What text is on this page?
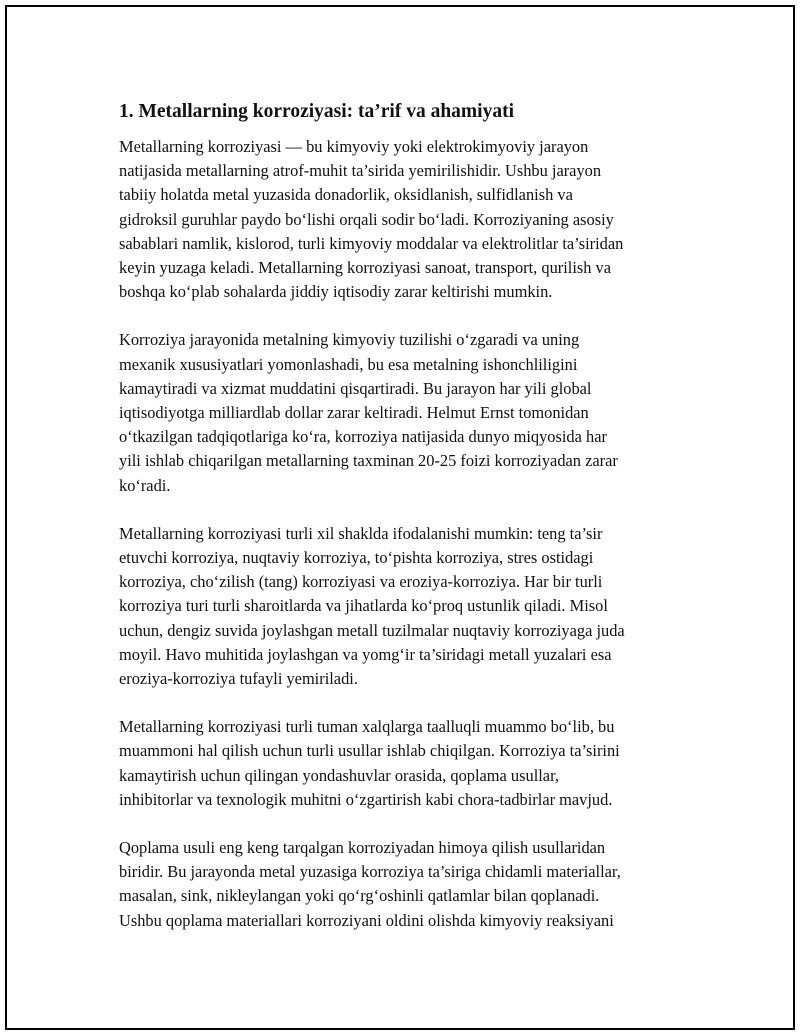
1. Metallarning korroziyasi: ta’rif va ahamiyati
Metallarning korroziyasi — bu kimyoviy yoki elektrokimyoviy jarayon
natijasida metallarning atrof-muhit ta’sirida yemirilishidir. Ushbu jarayon
tabiiy holatda metal yuzasida donadorlik, oksidlanish, sulfidlanish va
gidroksil guruhlar paydo bo‘lishi orqali sodir bo‘ladi. Korroziyaning asosiy
sabablari namlik, kislorod, turli kimyoviy moddalar va elektrolitlar ta’siridan
keyin yuzaga keladi. Metallarning korroziyasi sanoat, transport, qurilish va
boshqa ko‘plab sohalarda jiddiy iqtisodiy zarar keltirishi mumkin.
Korroziya jarayonida metalning kimyoviy tuzilishi o‘zgaradi va uning
mexanik xususiyatlari yomonlashadi, bu esa metalning ishonchliligini
kamaytiradi va xizmat muddatini qisqartiradi. Bu jarayon har yili global
iqtisodiyotga milliardlab dollar zarar keltiradi. Helmut Ernst tomonidan
o‘tkazilgan tadqiqotlariga ko‘ra, korroziya natijasida dunyo miqyosida har
yili ishlab chiqarilgan metallarning taxminan 20-25 foizi korroziyadan zarar
ko‘radi.
Metallarning korroziyasi turli xil shaklda ifodalanishi mumkin: teng ta’sir
etuvchi korroziya, nuqtaviy korroziya, to‘pishta korroziya, stres ostidagi
korroziya, cho‘zilish (tang) korroziyasi va eroziya-korroziya. Har bir turli
korroziya turi turli sharoitlarda va jihatlarda ko‘proq ustunlik qiladi. Misol
uchun, dengiz suvida joylashgan metall tuzilmalar nuqtaviy korroziyaga juda
moyil. Havo muhitida joylashgan va yomg‘ir ta’siridagi metall yuzalari esa
eroziya-korroziya tufayli yemiriladi.
Metallarning korroziyasi turli tuman xalqlarga taalluqli muammo bo‘lib, bu
muammoni hal qilish uchun turli usullar ishlab chiqilgan. Korroziya ta’sirini
kamaytirish uchun qilingan yondashuvlar orasida, qoplama usullar,
inhibitorlar va texnologik muhitni o‘zgartirish kabi chora-tadbirlar mavjud.
Qoplama usuli eng keng tarqalgan korroziyadan himoya qilish usullaridan
biridir. Bu jarayonda metal yuzasiga korroziya ta’siriga chidamli materiallar,
masalan, sink, nikleylangan yoki qo‘rg‘oshinli qatlamlar bilan qoplanadi.
Ushbu qoplama materiallari korroziyani oldini olishda kimyoviy reaksiyani
